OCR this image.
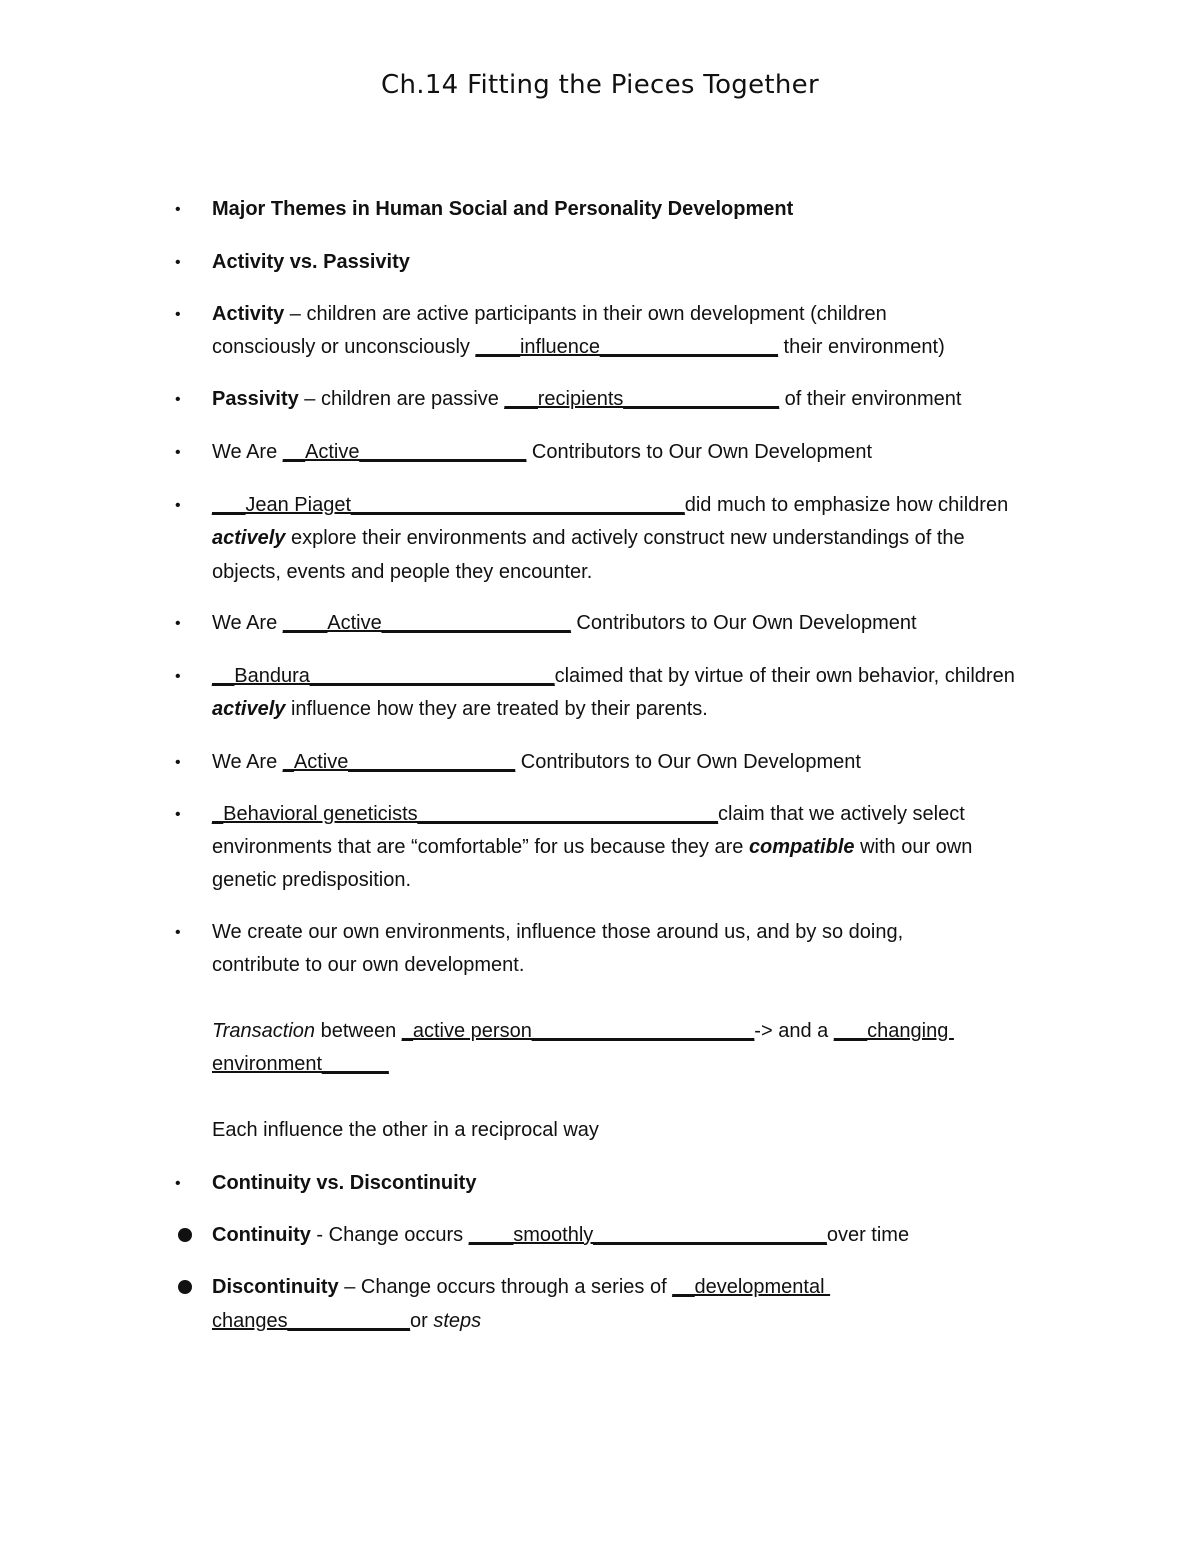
Ch.14 Fitting the Pieces Together
•
•
•
•
•
•
•
•
•
•
•
•
Major Themes in Human Social and Personality Development
Activity vs. Passivity
Activity – children are active participants in their own development (children
consciously or unconsciously ____influence________________ their environment)
Passivity – children are passive ___recipients______________ of their environment
We Are __Active_______________ Contributors to Our Own Development
___Jean Piaget______________________________did much to emphasize how children
actively explore their environments and actively construct new understandings of the
objects, events and people they encounter.
We Are ____Active_________________ Contributors to Our Own Development
__Bandura______________________claimed that by virtue of their own behavior, children
actively influence how they are treated by their parents.
We Are _Active_______________ Contributors to Our Own Development
_Behavioral geneticists___________________________claim that we actively select
environments that are “comfortable” for us because they are compatible with our own
genetic predisposition.
We create our own environments, influence those around us, and by so doing,
contribute to our own development.
Transaction between _active person____________________-> and a ___changing
environment______
Each influence the other in a reciprocal way
Continuity vs. Discontinuity
Continuity - Change occurs ____smoothly_____________________over time
Discontinuity – Change occurs through a series of __developmental
changes___________or steps
